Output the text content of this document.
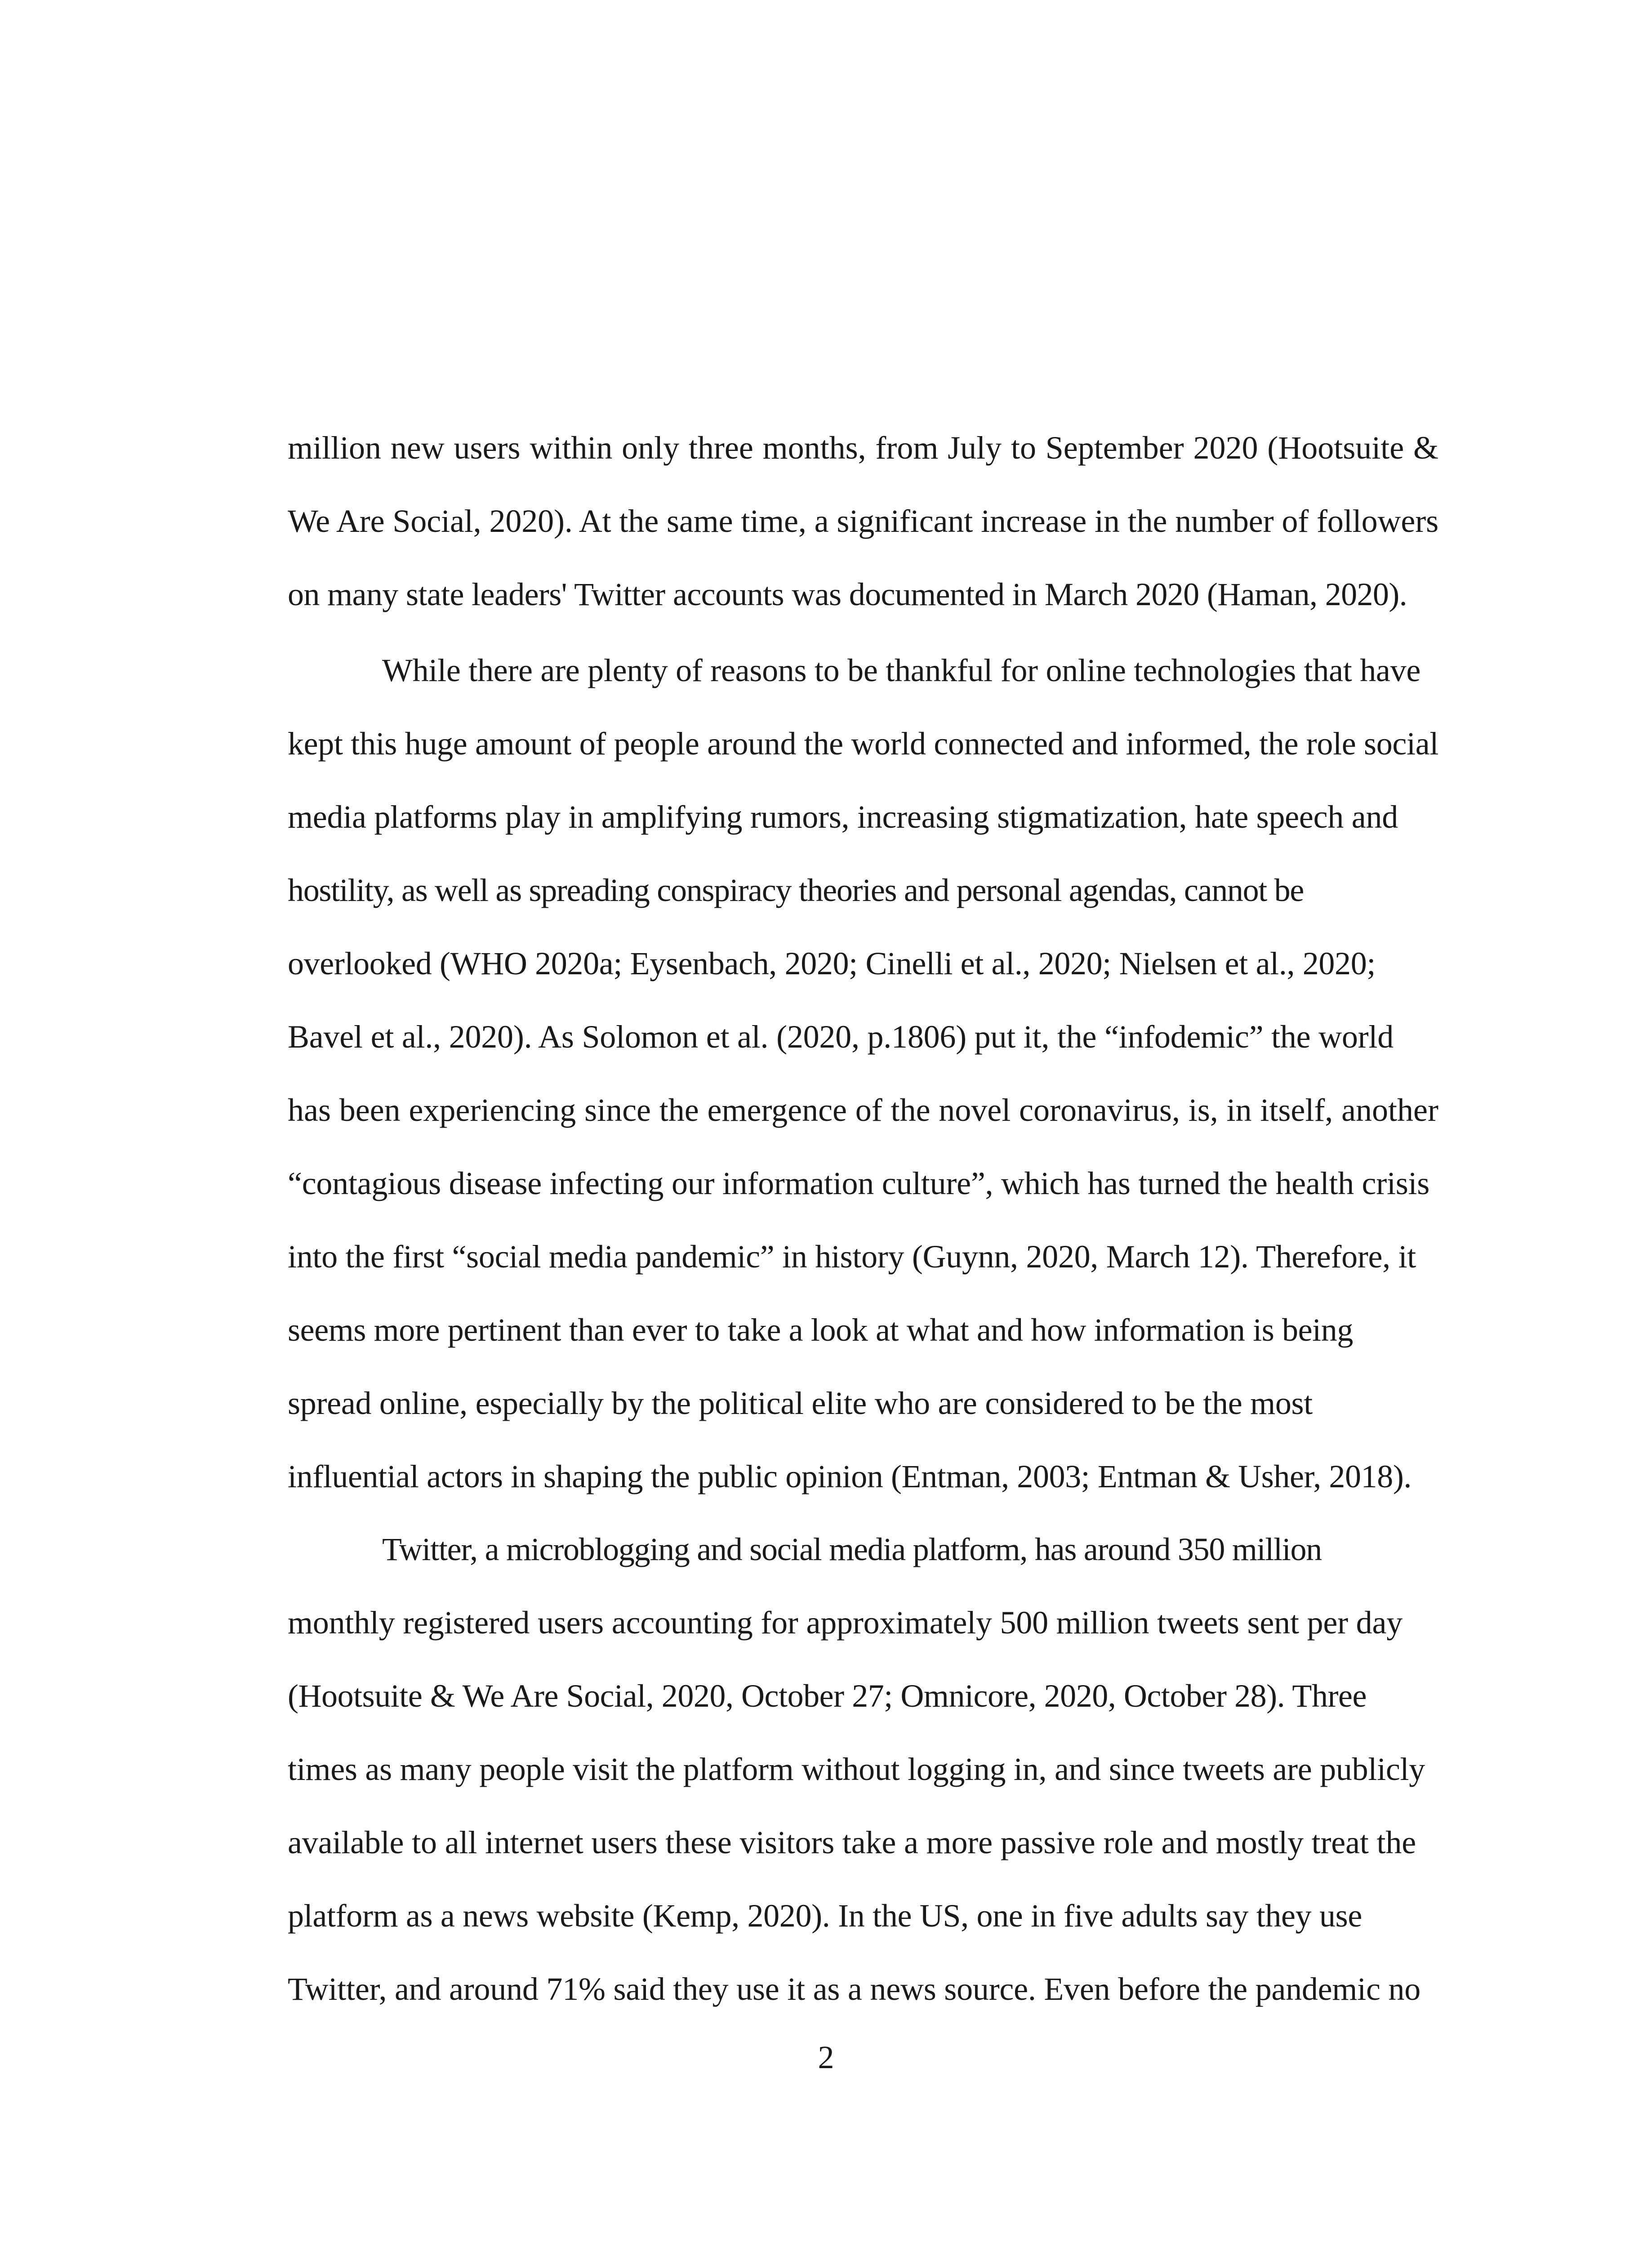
million new users within only three months, from July to September 2020 (Hootsuite &
We Are Social, 2020). At the same time, a significant increase in the number of followers
on many state leaders' Twitter accounts was documented in March 2020 (Haman, 2020).
While there are plenty of reasons to be thankful for online technologies that have
kept this huge amount of people around the world connected and informed, the role social
media platforms play in amplifying rumors, increasing stigmatization, hate speech and
hostility, as well as spreading conspiracy theories and personal agendas, cannot be
overlooked (WHO 2020a; Eysenbach, 2020; Cinelli et al., 2020; Nielsen et al., 2020;
Bavel et al., 2020). As Solomon et al. (2020, p.1806) put it, the “infodemic” the world
has been experiencing since the emergence of the novel coronavirus, is, in itself, another
“contagious disease infecting our information culture”, which has turned the health crisis
into the first “social media pandemic” in history (Guynn, 2020, March 12). Therefore, it
seems more pertinent than ever to take a look at what and how information is being
spread online, especially by the political elite who are considered to be the most
influential actors in shaping the public opinion (Entman, 2003; Entman & Usher, 2018).
Twitter, a microblogging and social media platform, has around 350 million
monthly registered users accounting for approximately 500 million tweets sent per day
(Hootsuite & We Are Social, 2020, October 27; Omnicore, 2020, October 28). Three
times as many people visit the platform without logging in, and since tweets are publicly
available to all internet users these visitors take a more passive role and mostly treat the
platform as a news website (Kemp, 2020). In the US, one in five adults say they use
Twitter, and around 71% said they use it as a news source. Even before the pandemic no
2
